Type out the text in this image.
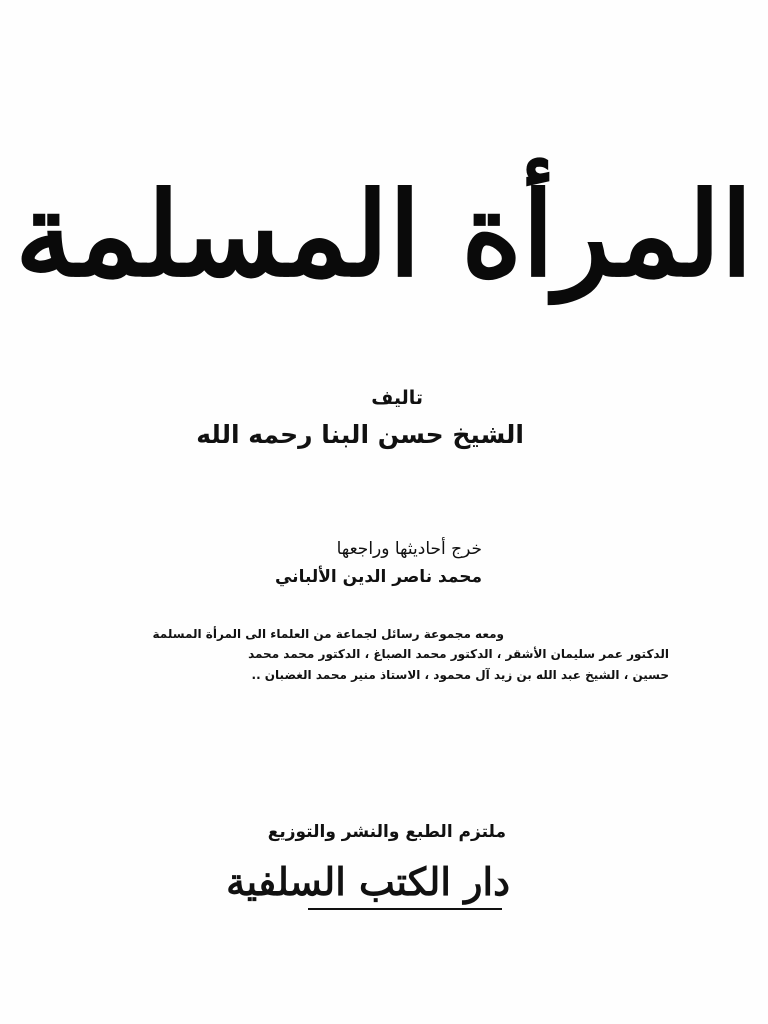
المرأة المسلمة
تاليف
الشيخ حسن البنا رحمه الله
خرج أحاديثها وراجعها
محمد ناصر الدين الألباني
ومعه مجموعة رسائل لجماعة من العلماء الى المرأة المسلمة
الدكتور عمر سليمان الأشقر ، الدكتور محمد الصباغ ، الدكتور محمد محمد
حسين ، الشيخ عبد الله بن زيد آل محمود ، الاستاذ منير محمد الغضبان ..
ملتزم الطبع والنشر والتوزيع
دار الكتب السلفية
